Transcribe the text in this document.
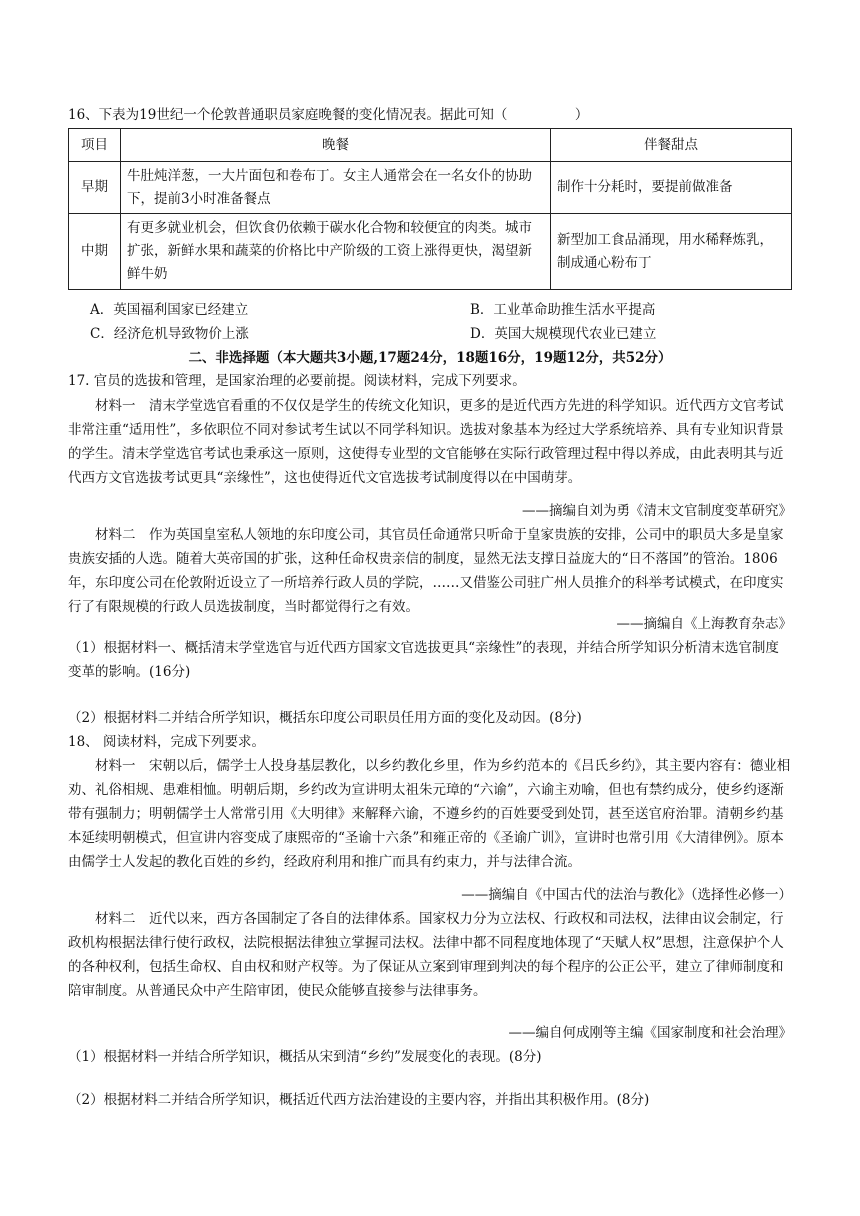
16、下表为19世纪一个伦敦普通职员家庭晚餐的变化情况表。据此可知（　　　　　）

项目	晚餐	伴餐甜点
早期	牛肚炖洋葱，一大片面包和卷布丁。女主人通常会在一名女仆的协助下，提前3小时准备餐点	制作十分耗时，要提前做准备
中期	有更多就业机会，但饮食仍依赖于碳水化合物和较便宜的肉类。城市扩张，新鲜水果和蔬菜的价格比中产阶级的工资上涨得更快，渴望新鲜牛奶	新型加工食品涌现，用水稀释炼乳，制成通心粉布丁
A．英国福利国家已经建立	B．工业革命助推生活水平提高
C．经济危机导致物价上涨	D．英国大规模现代农业已建立

二、非选择题（本大题共3小题,17题24分，18题16分，19题12分，共52分）

17. 官员的选拔和管理，是国家治理的必要前提。阅读材料，完成下列要求。

材料一　清末学堂选官看重的不仅仅是学生的传统文化知识，更多的是近代西方先进的科学知识。近代西方文官考试非常注重“适用性”，多依职位不同对参试考生试以不同学科知识。选拔对象基本为经过大学系统培养、具有专业知识背景的学生。清末学堂选官考试也秉承这一原则，这使得专业型的文官能够在实际行政管理过程中得以养成，由此表明其与近代西方文官选拔考试更具“亲缘性”，这也使得近代文官选拔考试制度得以在中国萌芽。

——摘编自刘为勇《清末文官制度变革研究》

材料二　作为英国皇室私人领地的东印度公司，其官员任命通常只听命于皇家贵族的安排，公司中的职员大多是皇家贵族安插的人选。随着大英帝国的扩张，这种任命权贵亲信的制度，显然无法支撑日益庞大的“日不落国”的管治。1806年，东印度公司在伦敦附近设立了一所培养行政人员的学院，……又借鉴公司驻广州人员推介的科举考试模式，在印度实行了有限规模的行政人员选拔制度，当时都觉得行之有效。

——摘编自《上海教育杂志》

（1）根据材料一、概括清末学堂选官与近代西方国家文官选拔更具“亲缘性”的表现，并结合所学知识分析清末选官制度变革的影响。(16分)

（2）根据材料二并结合所学知识，概括东印度公司职员任用方面的变化及动因。(8分)

18、 阅读材料，完成下列要求。

材料一　宋朝以后，儒学士人投身基层教化，以乡约教化乡里，作为乡约范本的《吕氏乡约》，其主要内容有：德业相劝、礼俗相规、患难相恤。明朝后期，乡约改为宣讲明太祖朱元璋的“六谕”，六谕主劝喻，但也有禁约成分，使乡约逐渐带有强制力；明朝儒学士人常常引用《大明律》来解释六谕，不遵乡约的百姓要受到处罚，甚至送官府治罪。清朝乡约基本延续明朝模式，但宣讲内容变成了康熙帝的“圣谕十六条”和雍正帝的《圣谕广训》，宣讲时也常引用《大清律例》。原本由儒学士人发起的教化百姓的乡约，经政府利用和推广而具有约束力，并与法律合流。

——摘编自《中国古代的法治与教化》（选择性必修一）

材料二　近代以来，西方各国制定了各自的法律体系。国家权力分为立法权、行政权和司法权，法律由议会制定，行政机构根据法律行使行政权，法院根据法律独立掌握司法权。法律中都不同程度地体现了“天赋人权”思想，注意保护个人的各种权利，包括生命权、自由权和财产权等。为了保证从立案到审理到判决的每个程序的公正公平，建立了律师制度和陪审制度。从普通民众中产生陪审团，使民众能够直接参与法律事务。

——编自何成刚等主编《国家制度和社会治理》

（1）根据材料一并结合所学知识，概括从宋到清“乡约”发展变化的表现。(8分)

（2）根据材料二并结合所学知识，概括近代西方法治建设的主要内容，并指出其积极作用。(8分)
